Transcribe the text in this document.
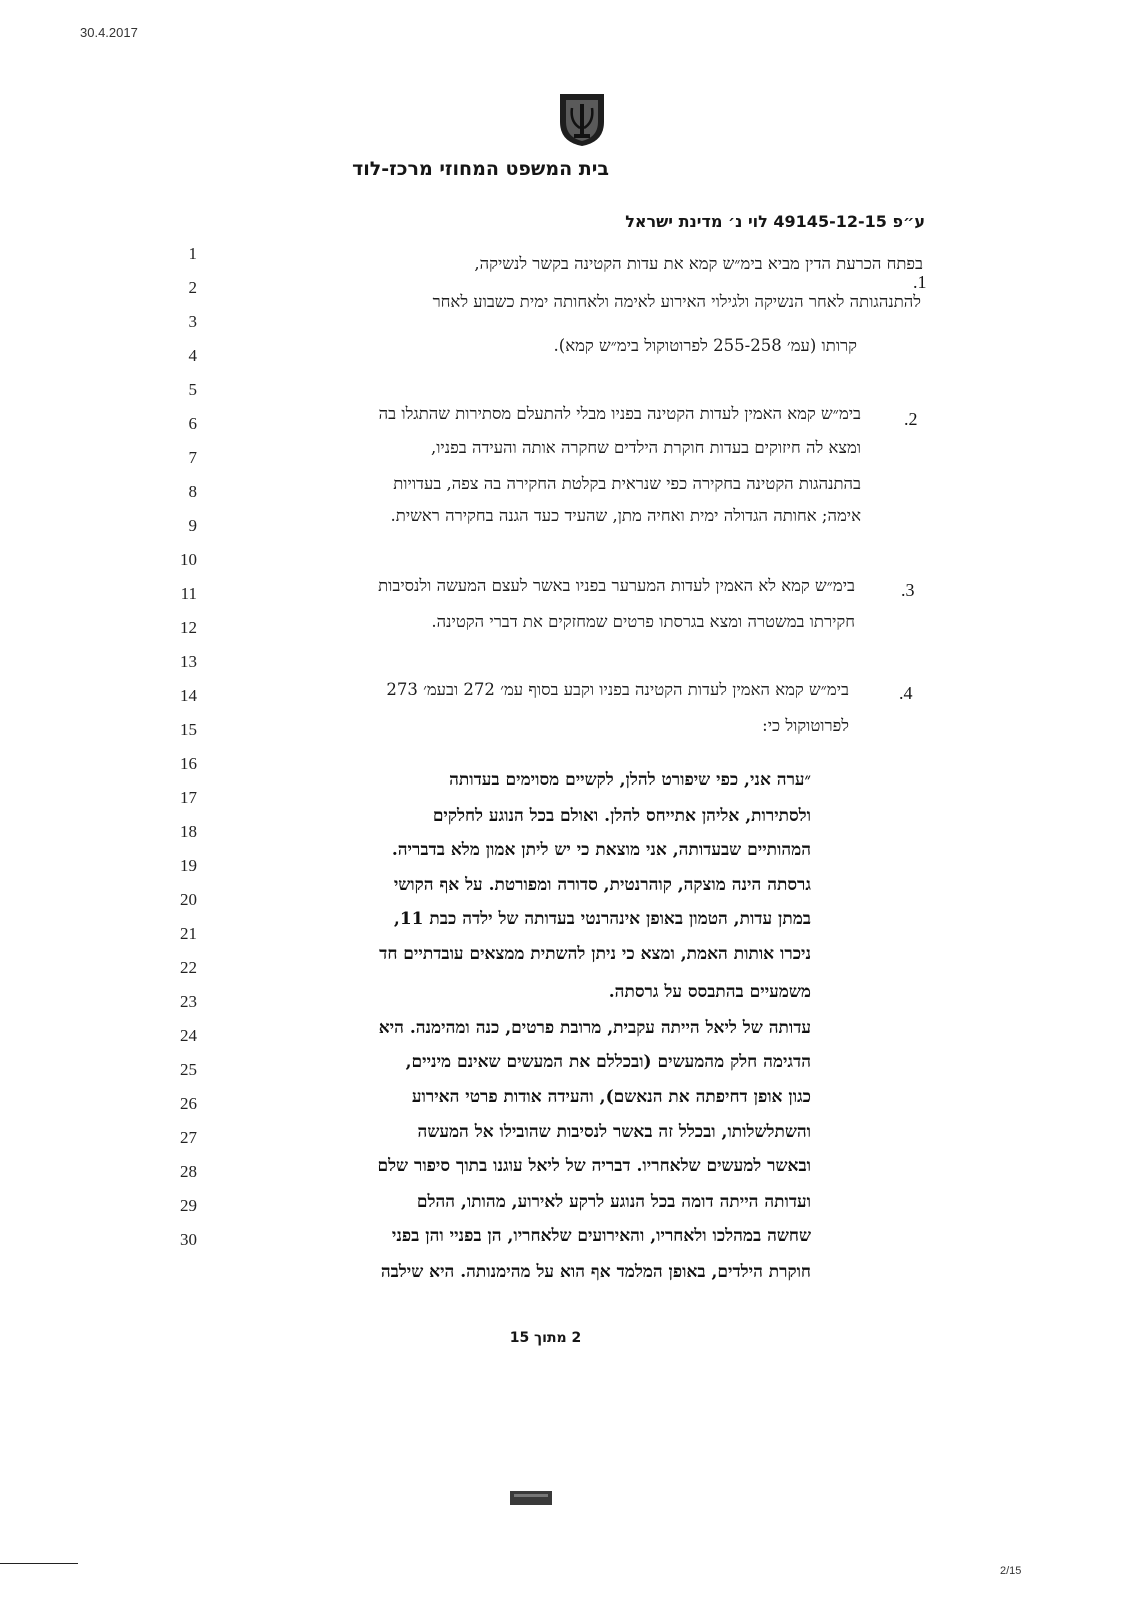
30.4.2017
בית המשפט המחוזי מרכז-לוד
ע״פ 49145-12-15 לוי נ׳ מדינת ישראל
1
2
3
4
5
6
7
8
9
10
11
12
13
14
15
16
17
18
19
20
21
22
23
24
25
26
27
28
29
30
.1
בפתח הכרעת הדין מביא בימ״ש קמא את עדות הקטינה בקשר לנשיקה,
להתנהגותה לאחר הנשיקה ולגילוי האירוע לאימה ולאחותה ימית כשבוע לאחר
קרותו (עמ׳ 255-258 לפרוטוקול בימ״ש קמא).
.2
בימ״ש קמא האמין לעדות הקטינה בפניו מבלי להתעלם מסתירות שהתגלו בה
ומצא לה חיזוקים בעדות חוקרת הילדים שחקרה אותה והעידה בפניו,
בהתנהגות הקטינה בחקירה כפי שנראית בקלטת החקירה בה צפה, בעדויות
אימה; אחותה הגדולה ימית ואחיה מתן, שהעיד כעד הגנה בחקירה ראשית.
.3
בימ״ש קמא לא האמין לעדות המערער בפניו באשר לעצם המעשה ולנסיבות
חקירתו במשטרה ומצא בגרסתו פרטים שמחזקים את דברי הקטינה.
.4
בימ״ש קמא האמין לעדות הקטינה בפניו וקבע בסוף עמ׳ 272 ובעמ׳ 273
לפרוטוקול כי:
״ערה אני, כפי שיפורט להלן, לקשיים מסוימים בעדותה
ולסתירות, אליהן אתייחס להלן. ואולם בכל הנוגע לחלקים
המהותיים שבעדותה, אני מוצאת כי יש ליתן אמון מלא בדבריה.
גרסתה הינה מוצקה, קוהרנטית, סדורה ומפורטת. על אף הקושי
במתן עדות, הטמון באופן אינהרנטי בעדותה של ילדה כבת 11,
ניכרו אותות האמת, ומצא כי ניתן להשתית ממצאים עובדתיים חד
משמעיים בהתבסס על גרסתה.
עדותה של ליאל הייתה עקבית, מרובת פרטים, כנה ומהימנה. היא
הדגימה חלק מהמעשים (ובכללם את המעשים שאינם מיניים,
כגון אופן דחיפתה את הנאשם), והעידה אודות פרטי האירוע
והשתלשלותו, ובכלל זה באשר לנסיבות שהובילו אל המעשה
ובאשר למעשים שלאחריו. דבריה של ליאל עוגנו בתוך סיפור שלם
ועדותה הייתה דומה בכל הנוגע לרקע לאירוע, מהותו, ההלם
שחשה במהלכו ולאחריו, והאירועים שלאחריו, הן בפניי והן בפני
חוקרת הילדים, באופן המלמד אף הוא על מהימנותה. היא שילבה
2 מתוך 15
2/15
